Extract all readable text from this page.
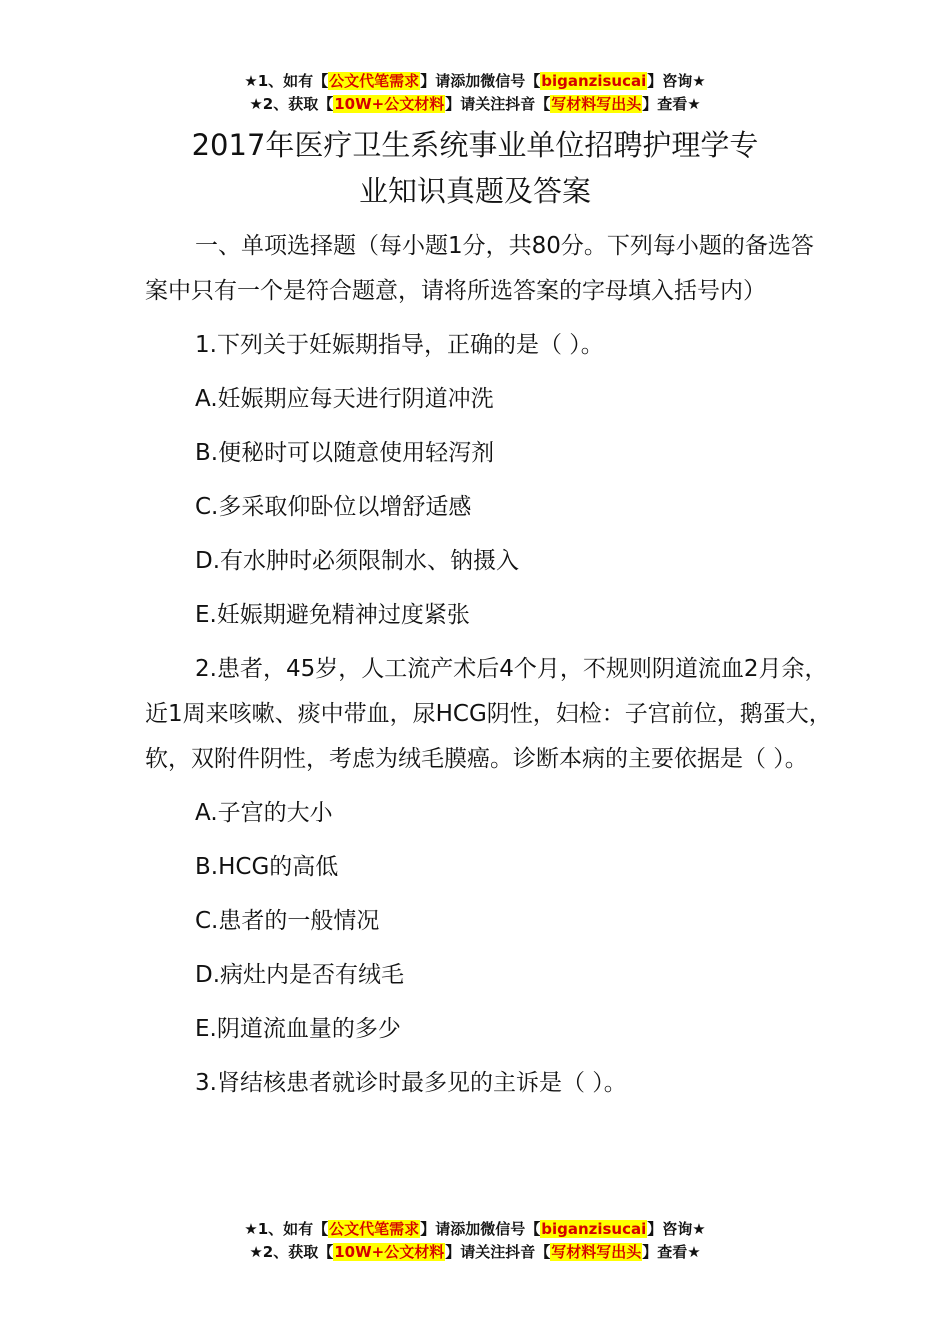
★1、如有【公文代笔需求】请添加微信号【biganzisucai】咨询★
★2、获取【10W+公文材料】请关注抖音【写材料写出头】查看★
2017年医疗卫生系统事业单位招聘护理学专
业知识真题及答案

一、单项选择题（每小题1分，共80分。下列每小题的备选答案中只有一个是符合题意，请将所选答案的字母填入括号内）

1.下列关于妊娠期指导，正确的是（ ）。

A.妊娠期应每天进行阴道冲洗
B.便秘时可以随意使用轻泻剂
C.多采取仰卧位以增舒适感
D.有水肿时必须限制水、钠摄入
E.妊娠期避免精神过度紧张

2.患者，45岁，人工流产术后4个月，不规则阴道流血2月余，近1周来咳嗽、痰中带血，尿HCG阴性，妇检：子宫前位，鹅蛋大，软，双附件阴性，考虑为绒毛膜癌。诊断本病的主要依据是（ ）。

A.子宫的大小
B.HCG的高低
C.患者的一般情况
D.病灶内是否有绒毛
E.阴道流血量的多少

3.肾结核患者就诊时最多见的主诉是（ ）。

★1、如有【公文代笔需求】请添加微信号【biganzisucai】咨询★
★2、获取【10W+公文材料】请关注抖音【写材料写出头】查看★
